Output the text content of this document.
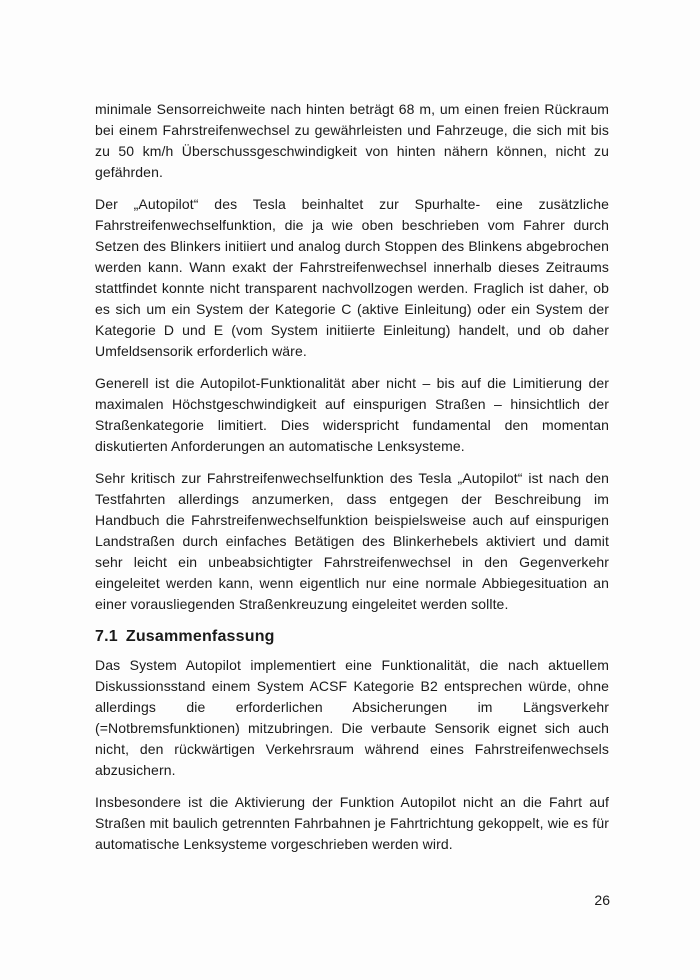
minimale Sensorreichweite nach hinten beträgt 68 m, um einen freien Rückraum bei einem Fahrstreifenwechsel zu gewährleisten und Fahrzeuge, die sich mit bis zu 50 km/h Überschussgeschwindigkeit von hinten nähern können, nicht zu gefährden.

Der „Autopilot“ des Tesla beinhaltet zur Spurhalte- eine zusätzliche Fahrstreifenwechselfunktion, die ja wie oben beschrieben vom Fahrer durch Setzen des Blinkers initiiert und analog durch Stoppen des Blinkens abgebrochen werden kann. Wann exakt der Fahrstreifenwechsel innerhalb dieses Zeitraums stattfindet konnte nicht transparent nachvollzogen werden. Fraglich ist daher, ob es sich um ein System der Kategorie C (aktive Einleitung) oder ein System der Kategorie D und E (vom System initiierte Einleitung) handelt, und ob daher Umfeldsensorik erforderlich wäre.

Generell ist die Autopilot-Funktionalität aber nicht – bis auf die Limitierung der maximalen Höchstgeschwindigkeit auf einspurigen Straßen – hinsichtlich der Straßenkategorie limitiert. Dies widerspricht fundamental den momentan diskutierten Anforderungen an automatische Lenksysteme.

Sehr kritisch zur Fahrstreifenwechselfunktion des Tesla „Autopilot“ ist nach den Testfahrten allerdings anzumerken, dass entgegen der Beschreibung im Handbuch die Fahrstreifenwechselfunktion beispielsweise auch auf einspurigen Landstraßen durch einfaches Betätigen des Blinkerhebels aktiviert und damit sehr leicht ein unbeabsichtigter Fahrstreifenwechsel in den Gegenverkehr eingeleitet werden kann, wenn eigentlich nur eine normale Abbiegesituation an einer vorausliegenden Straßenkreuzung eingeleitet werden sollte.

7.1 Zusammenfassung

Das System Autopilot implementiert eine Funktionalität, die nach aktuellem Diskussionsstand einem System ACSF Kategorie B2 entsprechen würde, ohne allerdings die erforderlichen Absicherungen im Längsverkehr (=Notbremsfunktionen) mitzubringen. Die verbaute Sensorik eignet sich auch nicht, den rückwärtigen Verkehrsraum während eines Fahrstreifenwechsels abzusichern.

Insbesondere ist die Aktivierung der Funktion Autopilot nicht an die Fahrt auf Straßen mit baulich getrennten Fahrbahnen je Fahrtrichtung gekoppelt, wie es für automatische Lenksysteme vorgeschrieben werden wird.

26
